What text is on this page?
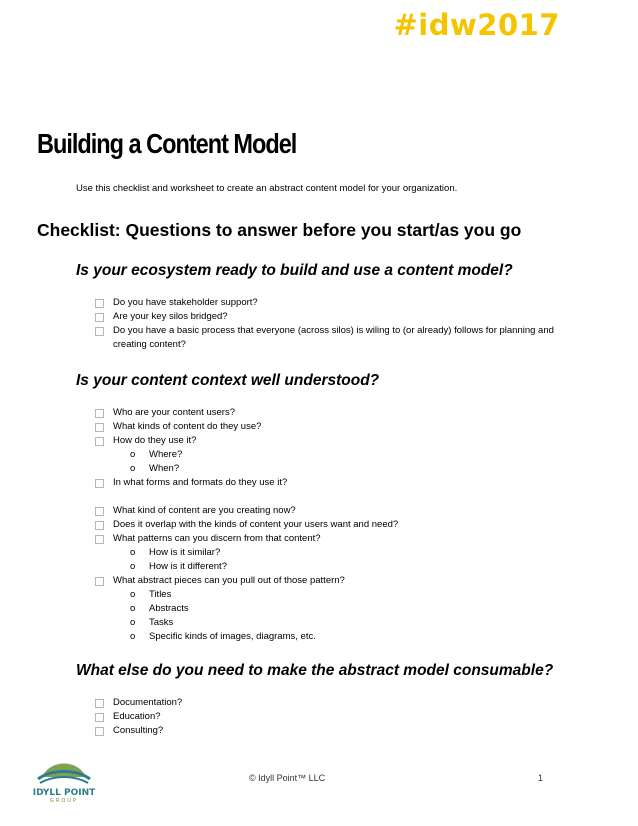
#idw2017
Building a Content Model
Use this checklist and worksheet to create an abstract content model for your organization.
Checklist: Questions to answer before you start/as you go
Is your ecosystem ready to build and use a content model?
Do you have stakeholder support?
Are your key silos bridged?
Do you have a basic process that everyone (across silos) is wiling to (or already) follows for planning and creating content?
Is your content context well understood?
Who are your content users?
What kinds of content do they use?
How do they use it?
o Where?
o When?
In what forms and formats do they use it?
What kind of content are you creating now?
Does it overlap with the kinds of content your users want and need?
What patterns can you discern from that content?
o How is it similar?
o How is it different?
What abstract pieces can you pull out of those pattern?
o Titles
o Abstracts
o Tasks
o Specific kinds of images, diagrams, etc.
What else do you need to make the abstract model consumable?
Documentation?
Education?
Consulting?
IDYLL POINT
GROUP
© Idyll Point™ LLC	1
